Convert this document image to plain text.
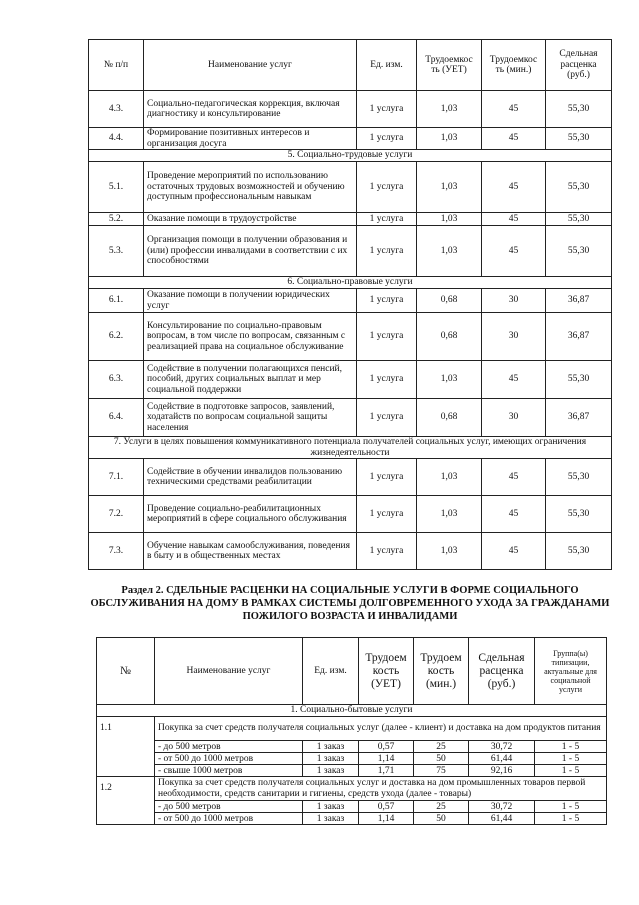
№ п/п	Наименование услуг	Ед. изм.	Трудоемкос ть (УЕТ)	Трудоемкос ть (мин.)	Сдельная расценка (руб.)
4.3.	Социально-педагогическая коррекция, включая диагностику и консультирование	1 услуга	1,03	45	55,30
4.4.	Формирование позитивных интересов и организация досуга	1 услуга	1,03	45	55,30
5. Социально-трудовые услуги					
5.1.	Проведение мероприятий по использованию остаточных трудовых возможностей и обучению доступным профессиональным навыкам	1 услуга	1,03	45	55,30
5.2.	Оказание помощи в трудоустройстве	1 услуга	1,03	45	55,30
5.3.	Организация помощи в получении образования и (или) профессии инвалидами в соответствии с их способностями	1 услуга	1,03	45	55,30
6. Социально-правовые услуги					
6.1.	Оказание помощи в получении юридических услуг	1 услуга	0,68	30	36,87
6.2.	Консультирование по социально-правовым вопросам, в том числе по вопросам, связанным с реализацией права на социальное обслуживание	1 услуга	0,68	30	36,87
6.3.	Содействие в получении полагающихся пенсий, пособий, других социальных выплат и мер социальной поддержки	1 услуга	1,03	45	55,30
6.4.	Содействие в подготовке запросов, заявлений, ходатайств по вопросам социальной защиты населения	1 услуга	0,68	30	36,87
7. Услуги в целях повышения коммуникативного потенциала получателей социальных услуг, имеющих ограничения жизнедеятельности					
7.1.	Содействие в обучении инвалидов пользованию техническими средствами реабилитации	1 услуга	1,03	45	55,30
7.2.	Проведение социально-реабилитационных мероприятий в сфере социального обслуживания	1 услуга	1,03	45	55,30
7.3.	Обучение навыкам самообслуживания, поведения в быту и в общественных местах	1 услуга	1,03	45	55,30
Раздел 2. СДЕЛЬНЫЕ РАСЦЕНКИ НА СОЦИАЛЬНЫЕ УСЛУГИ В ФОРМЕ СОЦИАЛЬНОГО ОБСЛУЖИВАНИЯ НА ДОМУ В РАМКАХ СИСТЕМЫ ДОЛГОВРЕМЕННОГО УХОДА ЗА ГРАЖДАНАМИ ПОЖИЛОГО ВОЗРАСТА И ИНВАЛИДАМИ
№	Наименование услуг	Ед. изм.	Трудоем кость (УЕТ)	Трудоем кость (мин.)	Сдельная расценка (руб.)	Группа(ы) типизации, актуальные для социальной услуги
1. Социально-бытовые услуги						
1.1	Покупка за счет средств получателя социальных услуг (далее - клиент) и доставка на дом продуктов питания					
	- до 500 метров	1 заказ	0,57	25	30,72	1 - 5
	- от 500 до 1000 метров	1 заказ	1,14	50	61,44	1 - 5
	- свыше 1000 метров	1 заказ	1,71	75	92,16	1 - 5
1.2	Покупка за счет средств получателя социальных услуг и доставка на дом промышленных товаров первой необходимости, средств санитарии и гигиены, средств ухода (далее - товары)					
	- до 500 метров	1 заказ	0,57	25	30,72	1 - 5
	- от 500 до 1000 метров	1 заказ	1,14	50	61,44	1 - 5
